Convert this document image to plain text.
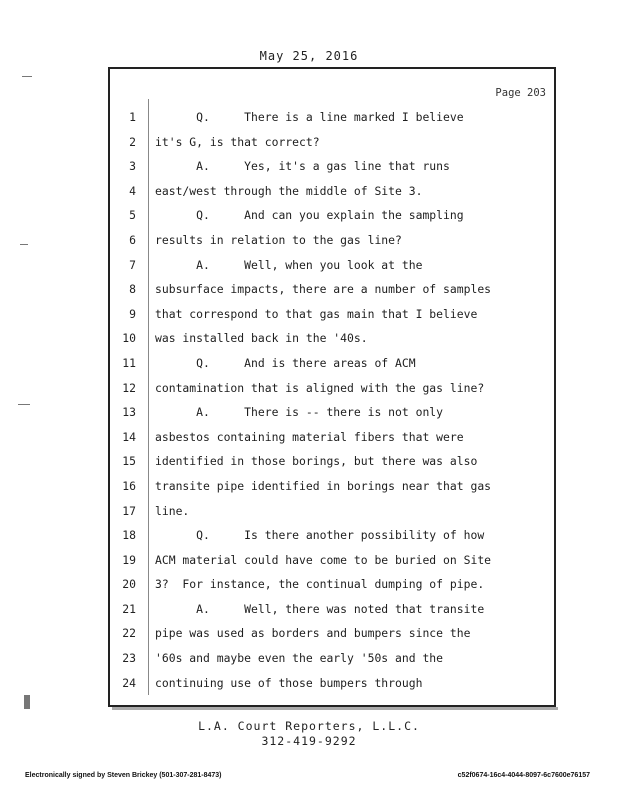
May 25, 2016
Page 203
1 Q.     There is a line marked I believe
2 it's G, is that correct?
3 A.     Yes, it's a gas line that runs
4 east/west through the middle of Site 3.
5 Q.     And can you explain the sampling
6 results in relation to the gas line?
7 A.     Well, when you look at the
8 subsurface impacts, there are a number of samples
9 that correspond to that gas main that I believe
10 was installed back in the '40s.
11 Q.     And is there areas of ACM
12 contamination that is aligned with the gas line?
13 A.     There is -- there is not only
14 asbestos containing material fibers that were
15 identified in those borings, but there was also
16 transite pipe identified in borings near that gas
17 line.
18 Q.     Is there another possibility of how
19 ACM material could have come to be buried on Site
20 3?  For instance, the continual dumping of pipe.
21 A.     Well, there was noted that transite
22 pipe was used as borders and bumpers since the
23 '60s and maybe even the early '50s and the
24 continuing use of those bumpers through
L.A. Court Reporters, L.L.C.
312-419-9292
Electronically signed by Steven Brickey (501-307-281-8473)	c52f0674-16c4-4044-8097-6c7600e76157
